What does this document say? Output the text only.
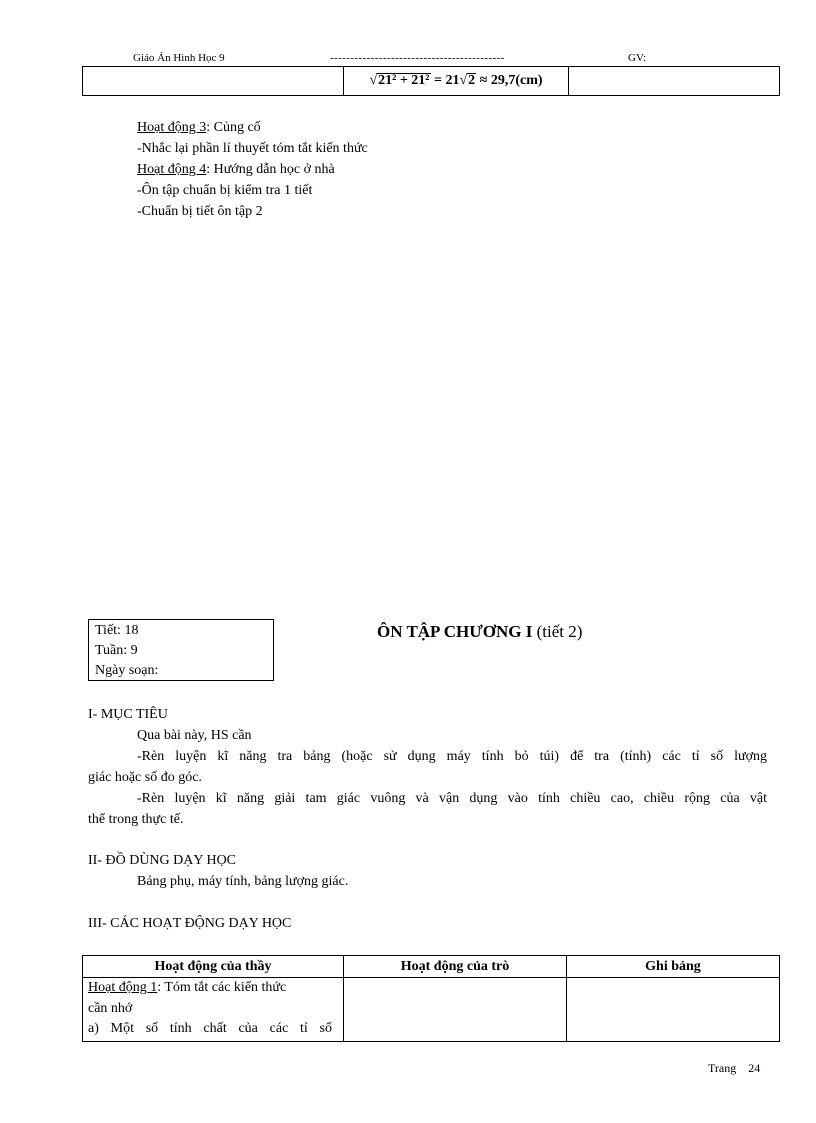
Giáo Án Hình Học 9	-------------------------------------------	GV:
	√21² + 21² = 21√2 ≈ 29,7(cm)	
Hoạt động 3: Củng cố
-Nhắc lại phần lí thuyết tóm tắt kiến thức
Hoạt động 4: Hướng dẫn học ở nhà
-Ôn tập chuẩn bị kiểm tra 1 tiết
-Chuẩn bị tiết ôn tập 2
Tiết: 18
Tuần: 9
Ngày soạn:
ÔN TẬP CHƯƠNG I (tiết 2)
I- MỤC TIÊU
Qua bài này, HS cần
-Rèn luyện kĩ năng tra bảng (hoặc sử dụng máy tính bỏ túi) để tra (tính) các tỉ số lượng
giác hoặc số đo góc.
-Rèn luyện kĩ năng giải tam giác vuông và vận dụng vào tính chiều cao, chiều rộng của vật
thể trong thực tế.
II- ĐỒ DÙNG DẠY HỌC
Bảng phụ, máy tính, bảng lượng giác.
III- CÁC HOẠT ĐỘNG DẠY HỌC
Hoạt động của thầy	Hoạt động của trò	Ghi bảng

Hoạt động 1: Tóm tắt các kiến thức
cần nhớ
a) Một số tính chất của các tỉ số		

Trang    24
